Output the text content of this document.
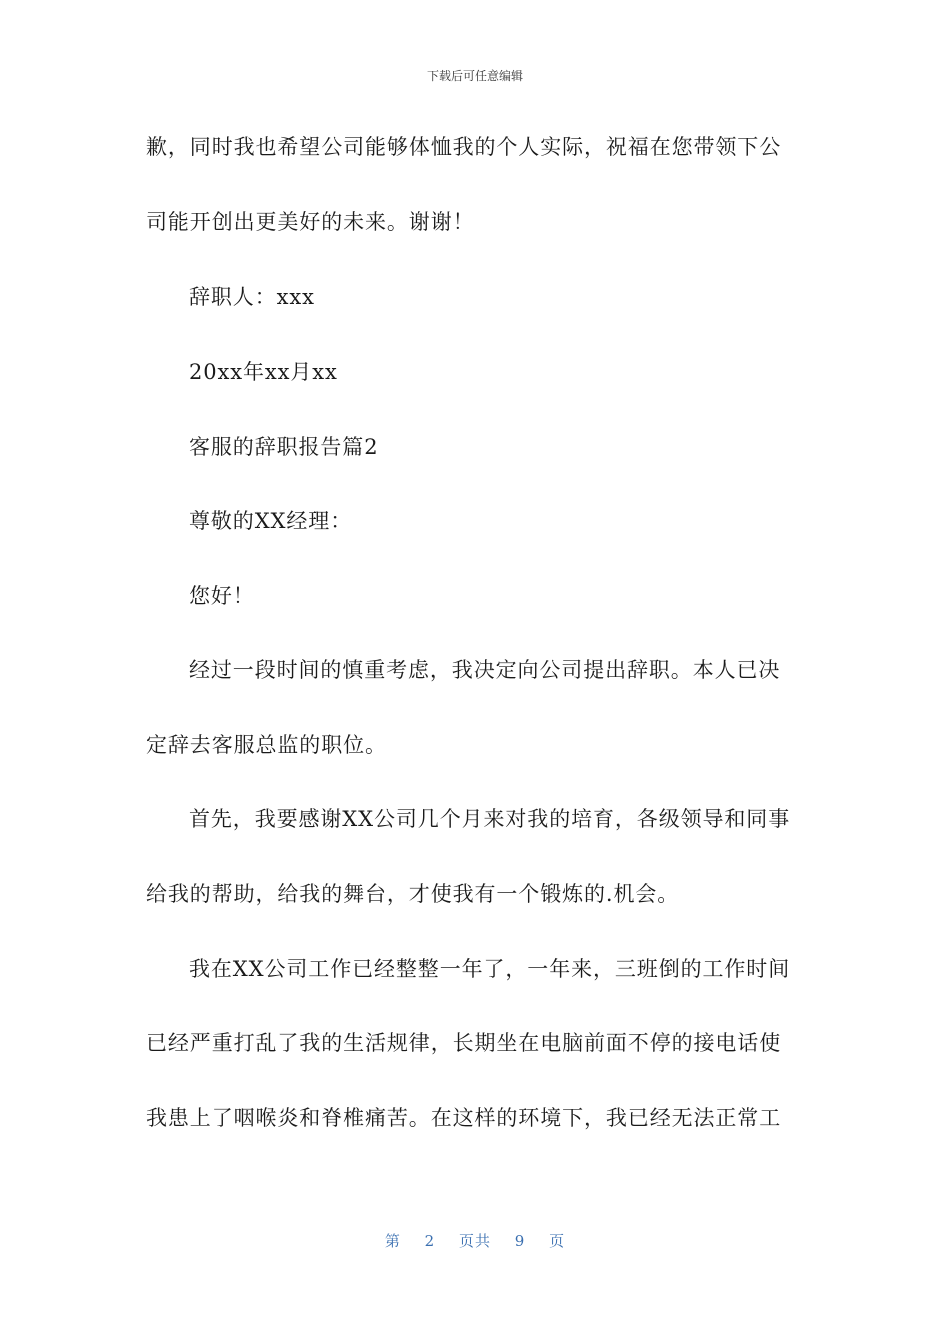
下载后可任意编辑
歉，同时我也希望公司能够体恤我的个人实际，祝福在您带领下公
司能开创出更美好的未来。谢谢！
辞职人：xxx
20xx年xx月xx
客服的辞职报告篇2
尊敬的XX经理：
您好！
经过一段时间的慎重考虑，我决定向公司提出辞职。本人已决
定辞去客服总监的职位。
首先，我要感谢XX公司几个月来对我的培育，各级领导和同事
给我的帮助，给我的舞台，才使我有一个锻炼的.机会。
我在XX公司工作已经整整一年了，一年来，三班倒的工作时间
已经严重打乱了我的生活规律，长期坐在电脑前面不停的接电话使
我患上了咽喉炎和脊椎痛苦。在这样的环境下，我已经无法正常工
第 2 页共 9 页
